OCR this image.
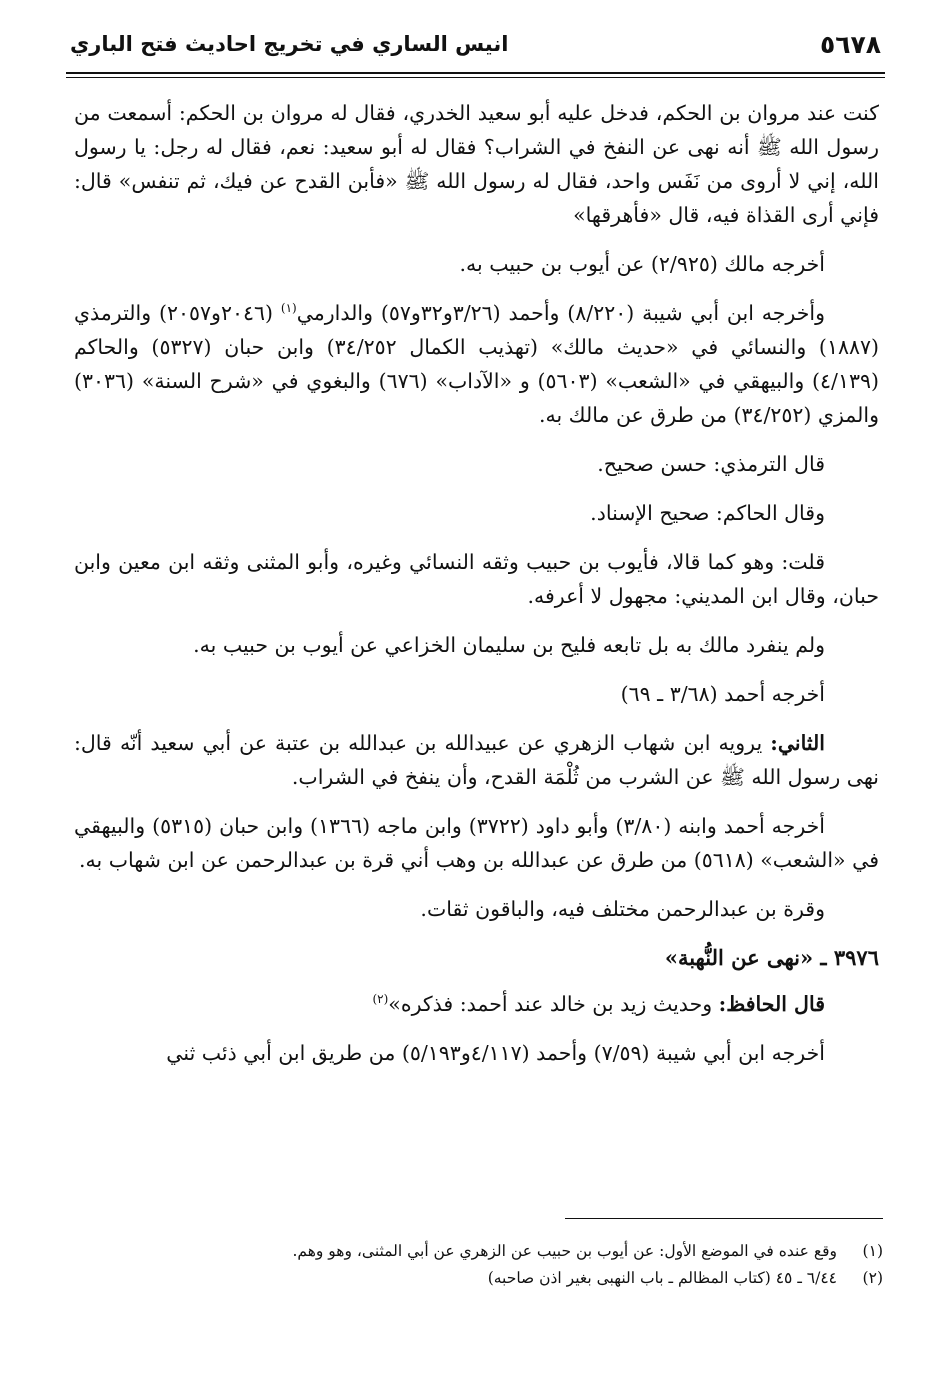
٥٦٧٨
انيس الساري في تخريج احاديث فتح الباري

كنت عند مروان بن الحكم، فدخل عليه أبو سعيد الخدري، فقال له مروان بن الحكم: أسمعت من رسول الله ﷺ أنه نهى عن النفخ في الشراب؟ فقال له أبو سعيد: نعم، فقال له رجل: يا رسول الله، إني لا أروى من نَفَس واحد، فقال له رسول الله ﷺ «فأبن القدح عن فيك، ثم تنفس» قال: فإني أرى القذاة فيه، قال «فأهرقها»

أخرجه مالك (٢/٩٢٥) عن أيوب بن حبيب به.

وأخرجه ابن أبي شيبة (٨/٢٢٠) وأحمد (٣/٢٦و٣٢و٥٧) والدارمي$^{(١)}$ (٢٠٤٦و٢٠٥٧) والترمذي (١٨٨٧) والنسائي في «حديث مالك» (تهذيب الكمال ٣٤/٢٥٢) وابن حبان (٥٣٢٧) والحاكم (٤/١٣٩) والبيهقي في «الشعب» (٥٦٠٣) و «الآداب» (٦٧٦) والبغوي في «شرح السنة» (٣٠٣٦) والمزي (٣٤/٢٥٢) من طرق عن مالك به.

قال الترمذي: حسن صحيح.

وقال الحاكم: صحيح الإسناد.

قلت: وهو كما قالا، فأيوب بن حبيب وثقه النسائي وغيره، وأبو المثنى وثقه ابن معين وابن حبان، وقال ابن المديني: مجهول لا أعرفه.

ولم ينفرد مالك به بل تابعه فليح بن سليمان الخزاعي عن أيوب بن حبيب به.

أخرجه أحمد (٣/٦٨ ـ ٦٩)

الثاني: يرويه ابن شهاب الزهري عن عبيدالله بن عبدالله بن عتبة عن أبي سعيد أنّه قال: نهى رسول الله ﷺ عن الشرب من ثُلْمَة القدح، وأن ينفخ في الشراب.

أخرجه أحمد وابنه (٣/٨٠) وأبو داود (٣٧٢٢) وابن ماجه (١٣٦٦) وابن حبان (٥٣١٥) والبيهقي في «الشعب» (٥٦١٨) من طرق عن عبدالله بن وهب أني قرة بن عبدالرحمن عن ابن شهاب به.

وقرة بن عبدالرحمن مختلف فيه، والباقون ثقات.

٣٩٧٦ ـ «نهى عن النُّهبة»

قال الحافظ: وحديث زيد بن خالد عند أحمد: فذكره»$^{(٢)}$

أخرجه ابن أبي شيبة (٧/٥٩) وأحمد (٤/١١٧و٥/١٩٣) من طريق ابن أبي ذئب ثني

(١)
وقع عنده في الموضع الأول: عن أيوب بن حبيب عن الزهري عن أبي المثنى، وهو وهم.
(٢)
٦/٤٤ ـ ٤٥ (كتاب المظالم ـ باب النهبى بغير اذن صاحبه)
